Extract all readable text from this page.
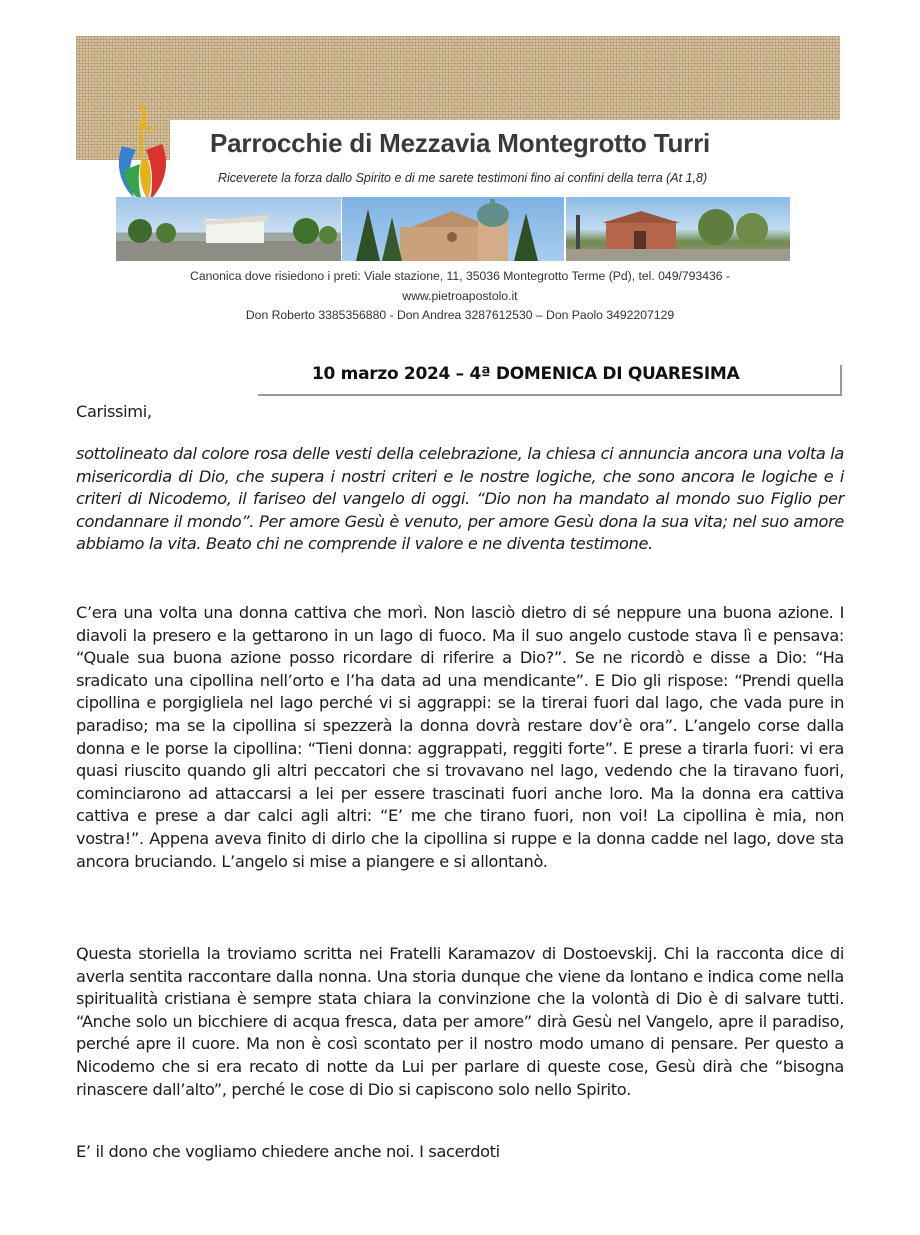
Parrocchie di Mezzavia Montegrotto Turri
Riceverete la forza dallo Spirito e di me sarete testimoni fino ai confini della terra (At 1,8)
Canonica dove risiedono i preti: Viale stazione, 11, 35036 Montegrotto Terme (Pd), tel. 049/793436 -
www.pietroapostolo.it
Don Roberto 3385356880 - Don Andrea 3287612530 – Don Paolo 3492207129
10 marzo 2024 – 4ª DOMENICA DI QUARESIMA
Carissimi,
sottolineato dal colore rosa delle vesti della celebrazione, la chiesa ci annuncia ancora una volta la misericordia di Dio, che supera i nostri criteri e le nostre logiche, che sono ancora le logiche e i criteri di Nicodemo, il fariseo del vangelo di oggi. “Dio non ha mandato al mondo suo Figlio per condannare il mondo”. Per amore Gesù è venuto, per amore Gesù dona la sua vita; nel suo amore abbiamo la vita. Beato chi ne comprende il valore e ne diventa testimone.
C’era una volta una donna cattiva che morì. Non lasciò dietro di sé neppure una buona azione. I diavoli la presero e la gettarono in un lago di fuoco. Ma il suo angelo custode stava lì e pensava: “Quale sua buona azione posso ricordare di riferire a Dio?”. Se ne ricordò e disse a Dio: “Ha sradicato una cipollina nell’orto e l’ha data ad una mendicante”. E Dio gli rispose: “Prendi quella cipollina e porgigliela nel lago perché vi si aggrappi: se la tirerai fuori dal lago, che vada pure in paradiso; ma se la cipollina si spezzerà la donna dovrà restare dov’è ora”. L’angelo corse dalla donna e le porse la cipollina: “Tieni donna: aggrappati, reggiti forte”. E prese a tirarla fuori: vi era quasi riuscito quando gli altri peccatori che si trovavano nel lago, vedendo che la tiravano fuori, cominciarono ad attaccarsi a lei per essere trascinati fuori anche loro. Ma la donna era cattiva cattiva e prese a dar calci agli altri: “E’ me che tirano fuori, non voi! La cipollina è mia, non vostra!”. Appena aveva finito di dirlo che la cipollina si ruppe e la donna cadde nel lago, dove sta ancora bruciando. L’angelo si mise a piangere e si allontanò.
Questa storiella la troviamo scritta nei Fratelli Karamazov di Dostoevskij. Chi la racconta dice di averla sentita raccontare dalla nonna. Una storia dunque che viene da lontano e indica come nella spiritualità cristiana è sempre stata chiara la convinzione che la volontà di Dio è di salvare tutti. “Anche solo un bicchiere di acqua fresca, data per amore” dirà Gesù nel Vangelo, apre il paradiso, perché apre il cuore. Ma non è così scontato per il nostro modo umano di pensare. Per questo a Nicodemo che si era recato di notte da Lui per parlare di queste cose, Gesù dirà che “bisogna rinascere dall’alto”, perché le cose di Dio si capiscono solo nello Spirito.
E’ il dono che vogliamo chiedere anche noi. I sacerdoti
